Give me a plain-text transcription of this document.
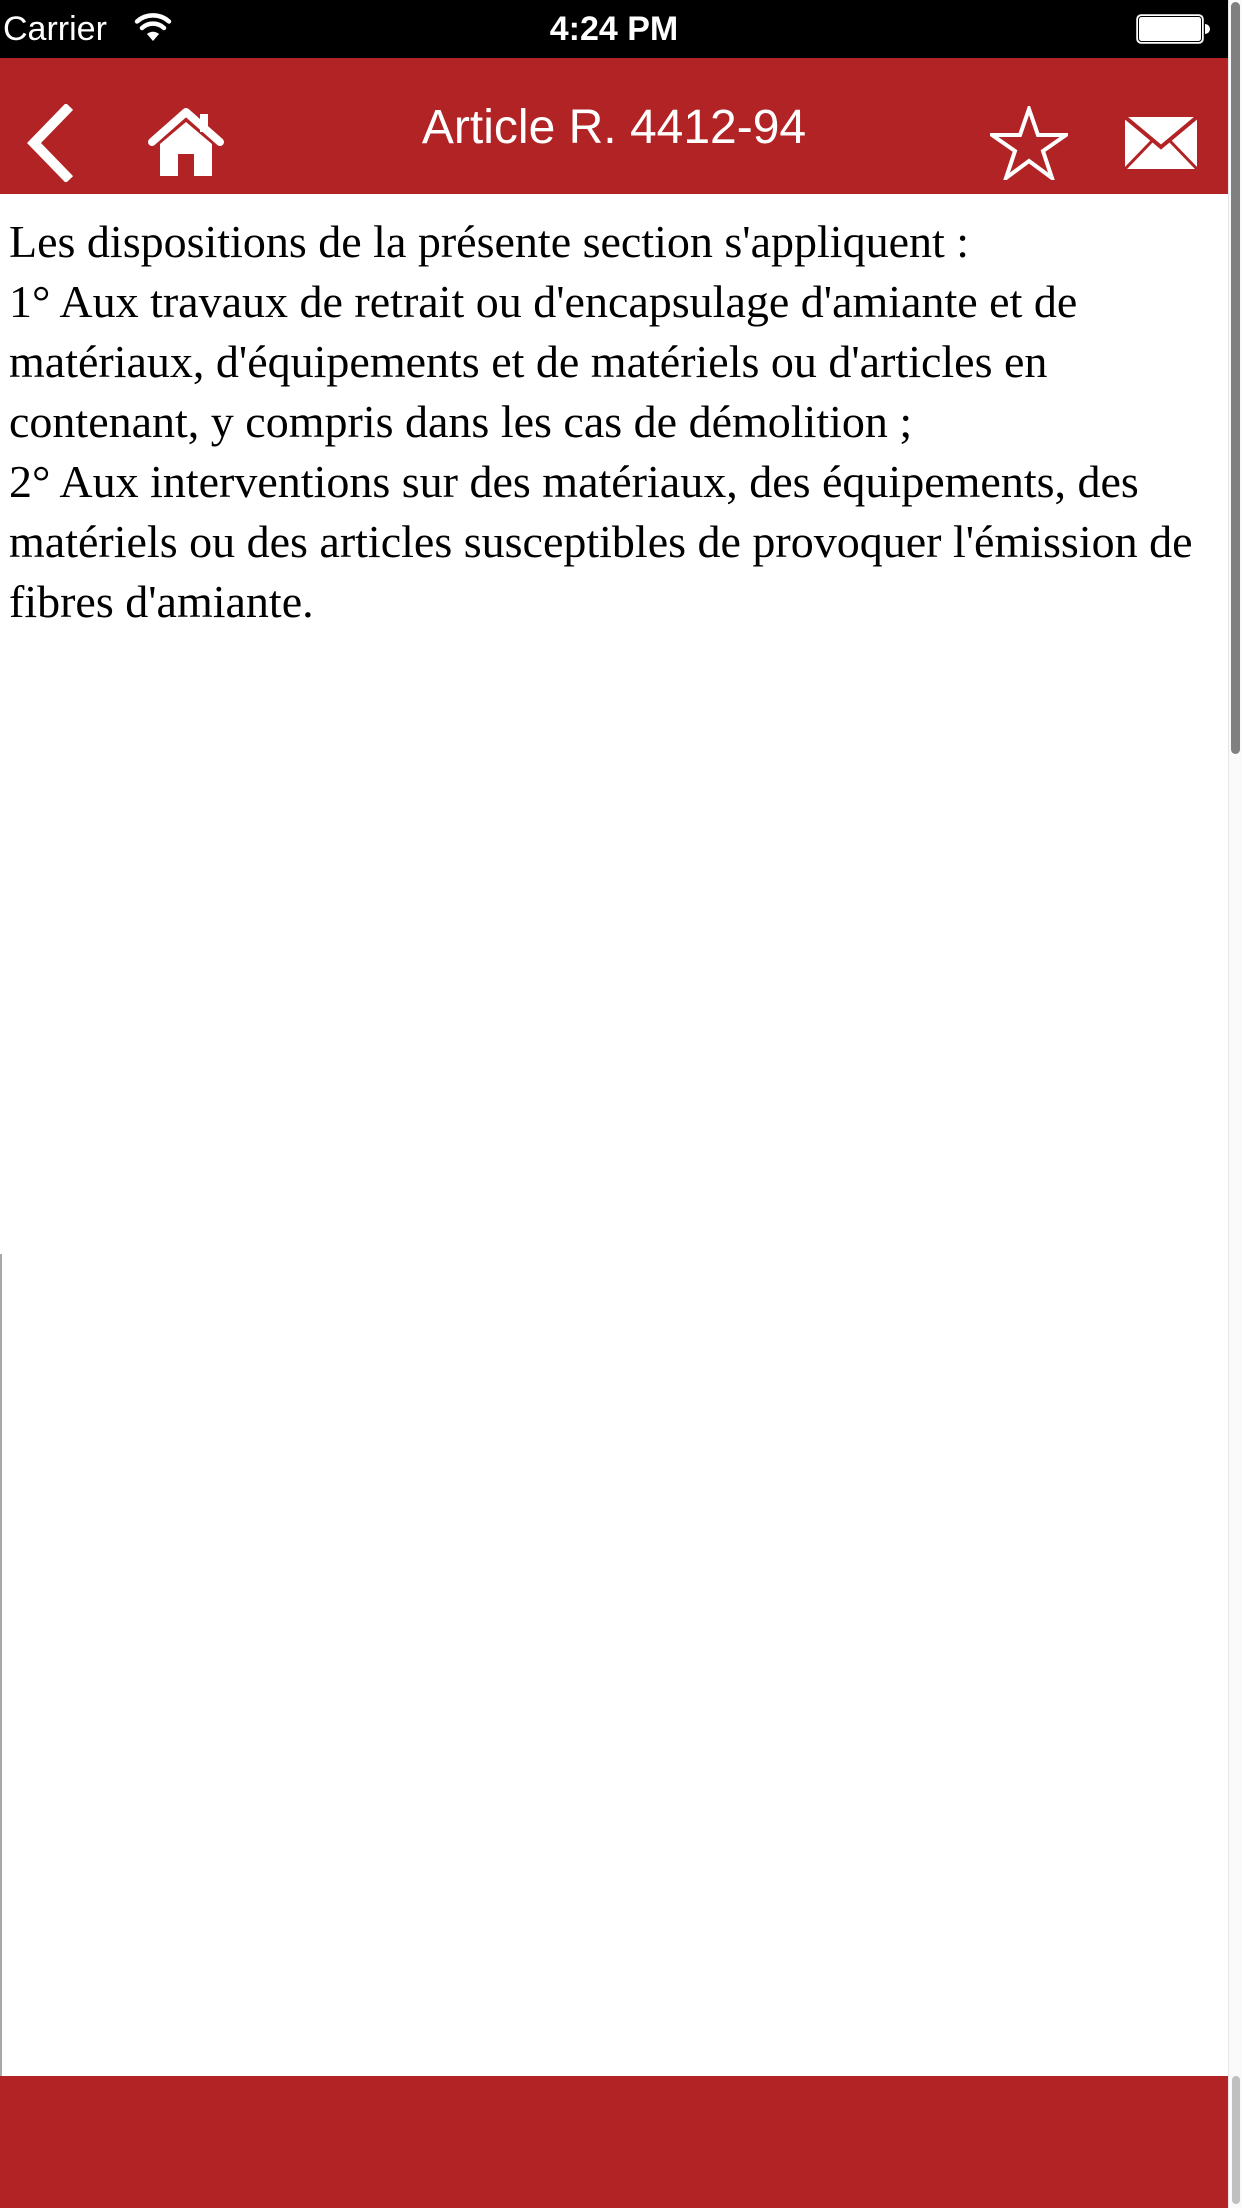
Carrier	4:24 PM
Article R. 4412-94

Les dispositions de la présente section s'appliquent :

1° Aux travaux de retrait ou d'encapsulage d'amiante et de matériaux, d'équipements et de matériels ou d'articles en contenant, y compris dans les cas de démolition ;

2° Aux interventions sur des matériaux, des équipements, des matériels ou des articles susceptibles de provoquer l'émission de fibres d'amiante.
